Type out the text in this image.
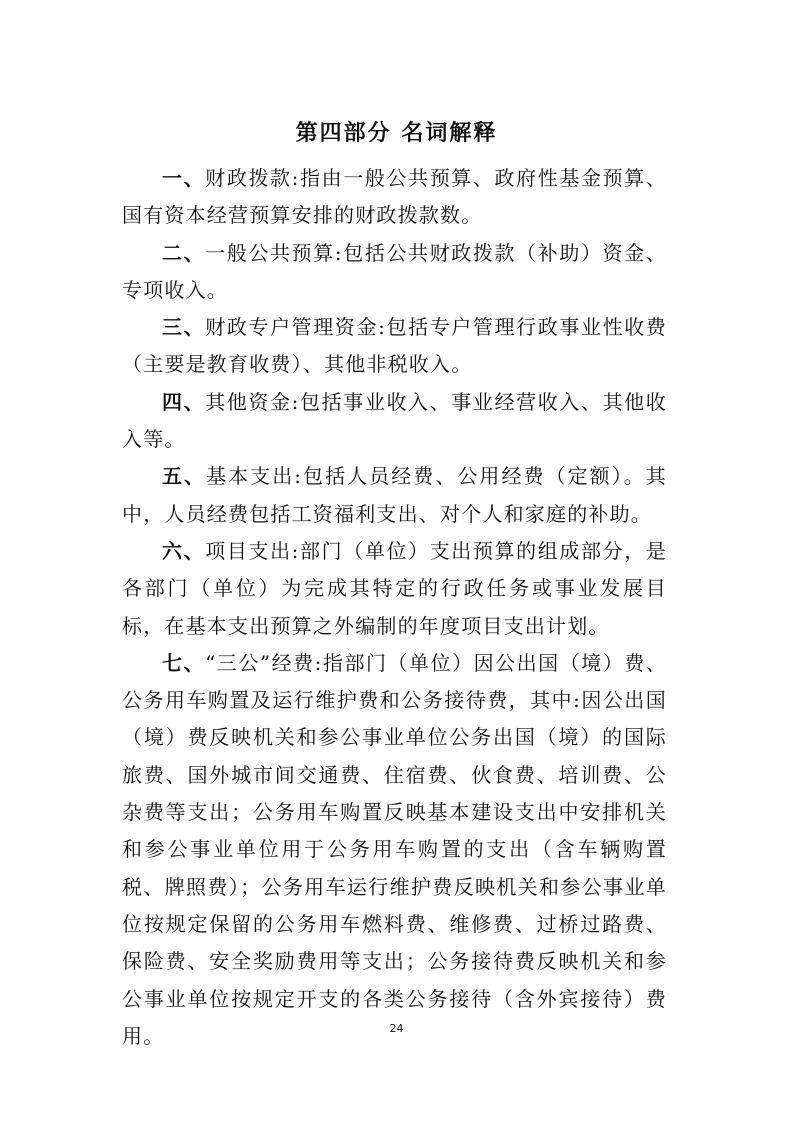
第四部分 名词解释

一、财政拨款:指由一般公共预算、政府性基金预算、国有资本经营预算安排的财政拨款数。

二、一般公共预算:包括公共财政拨款（补助）资金、专项收入。

三、财政专户管理资金:包括专户管理行政事业性收费（主要是教育收费）、其他非税收入。

四、其他资金:包括事业收入、事业经营收入、其他收入等。

五、基本支出:包括人员经费、公用经费（定额）。其中，人员经费包括工资福利支出、对个人和家庭的补助。

六、项目支出:部门（单位）支出预算的组成部分，是各部门（单位）为完成其特定的行政任务或事业发展目标，在基本支出预算之外编制的年度项目支出计划。

七、“三公”经费:指部门（单位）因公出国（境）费、公务用车购置及运行维护费和公务接待费，其中:因公出国（境）费反映机关和参公事业单位公务出国（境）的国际旅费、国外城市间交通费、住宿费、伙食费、培训费、公杂费等支出；公务用车购置反映基本建设支出中安排机关和参公事业单位用于公务用车购置的支出（含车辆购置税、牌照费）；公务用车运行维护费反映机关和参公事业单位按规定保留的公务用车燃料费、维修费、过桥过路费、保险费、安全奖励费用等支出；公务接待费反映机关和参公事业单位按规定开支的各类公务接待（含外宾接待）费用。	24
